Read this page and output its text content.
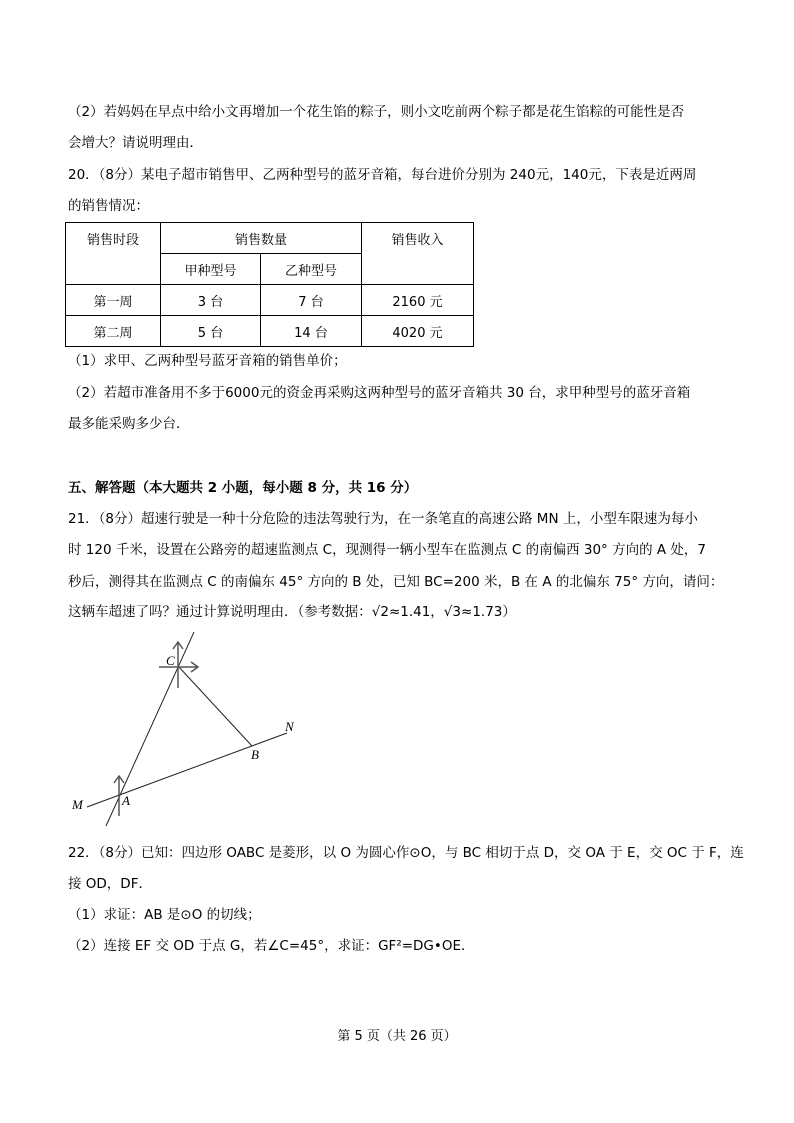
（2）若妈妈在早点中给小文再增加一个花生馅的粽子，则小文吃前两个粽子都是花生馅粽的可能性是否
会增大？请说明理由．
20．（8分）某电子超市销售甲、乙两种型号的蓝牙音箱，每台进价分别为 240元，140元，下表是近两周
的销售情况：
销售时段	销售数量		销售收入
	甲种型号	乙种型号	
第一周	3 台	7 台	2160 元
第二周	5 台	14 台	4020 元
（1）求甲、乙两种型号蓝牙音箱的销售单价；
（2）若超市准备用不多于6000元的资金再采购这两种型号的蓝牙音箱共 30 台，求甲种型号的蓝牙音箱
最多能采购多少台．
五、解答题（本大题共 2 小题，每小题 8 分，共 16 分）
21．（8分）超速行驶是一种十分危险的违法驾驶行为，在一条笔直的高速公路 MN 上，小型车限速为每小
时 120 千米，设置在公路旁的超速监测点 C，现测得一辆小型车在监测点 C 的南偏西 30° 方向的 A 处，7
秒后，测得其在监测点 C 的南偏东 45° 方向的 B 处，已知 BC=200 米，B 在 A 的北偏东 75° 方向，请问：
这辆车超速了吗？通过计算说明理由．（参考数据：√2≈1.41，√3≈1.73）
C
B
N
M	A
22．（8分）已知：四边形 OABC 是菱形，以 O 为圆心作⊙O，与 BC 相切于点 D，交 OA 于 E，交 OC 于 F，连
接 OD，DF．
（1）求证：AB 是⊙O 的切线；
（2）连接 EF 交 OD 于点 G，若∠C=45°，求证：GF²=DG•OE．
第 5 页（共 26 页）
